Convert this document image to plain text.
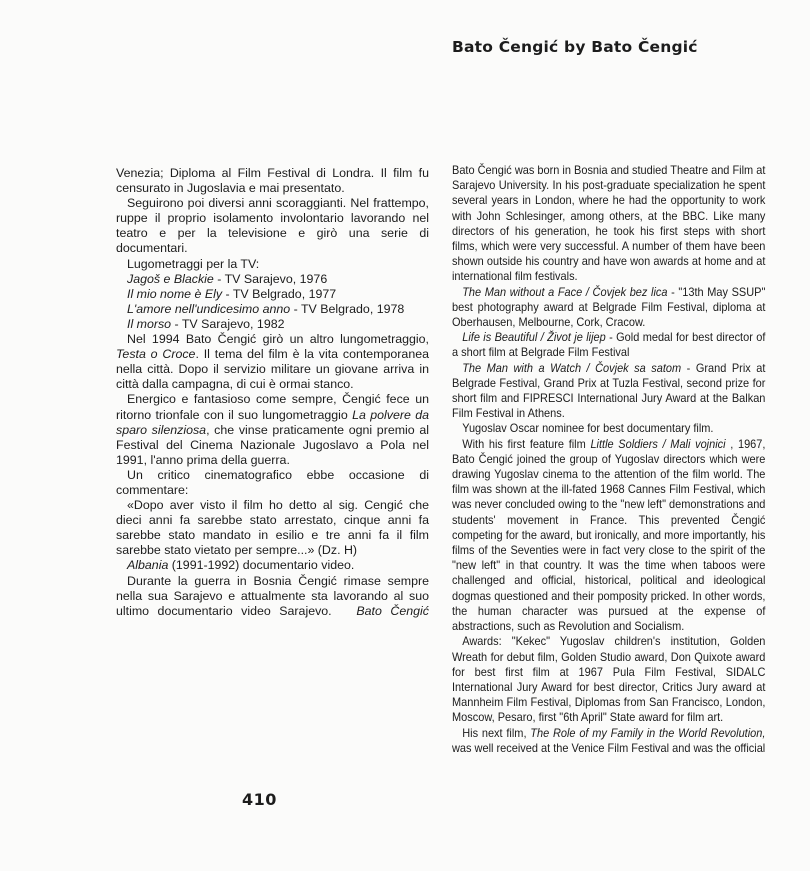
Bato Čengić by Bato Čengić

Venezia; Diploma al Film Festival di Londra. Il film fu censurato in Jugoslavia e mai presentato.

Seguirono poi diversi anni scoraggianti. Nel frattempo, ruppe il proprio isolamento involontario lavorando nel teatro e per la televisione e girò una serie di documentari.

Lugometraggi per la TV:

Jagoš e Blackie - TV Sarajevo, 1976

Il mio nome è Ely - TV Belgrado, 1977

L'amore nell'undicesimo anno - TV Belgrado, 1978

Il morso - TV Sarajevo, 1982

Nel 1994 Bato Čengić girò un altro lungometraggio, Testa o Croce. Il tema del film è la vita contemporanea nella città. Dopo il servizio militare un giovane arriva in città dalla campagna, di cui è ormai stanco.

Energico e fantasioso come sempre, Čengić fece un ritorno trionfale con il suo lungometraggio La polvere da sparo silenziosa, che vinse praticamente ogni premio al Festival del Cinema Nazionale Jugoslavo a Pola nel 1991, l'anno prima della guerra.

Un critico cinematografico ebbe occasione di commentare:

«Dopo aver visto il film ho detto al sig. Cengić che dieci anni fa sarebbe stato arrestato, cinque anni fa sarebbe stato mandato in esilio e tre anni fa il film sarebbe stato vietato per sempre...» (Dz. H)

Albania (1991-1992) documentario video.

Durante la guerra in Bosnia Čengić rimase sempre nella sua Sarajevo e attualmente sta lavorando al suo ultimo documentario video Sarajevo.   Bato Čengić

Bato Čengić was born in Bosnia and studied Theatre and Film at Sarajevo University. In his post-graduate specialization he spent several years in London, where he had the opportunity to work with John Schlesinger, among others, at the BBC. Like many directors of his generation, he took his first steps with short films, which were very successful. A number of them have been shown outside his country and have won awards at home and at international film festivals.

The Man without a Face / Čovjek bez lica - "13th May SSUP" best photography award at Belgrade Film Festival, diploma at Oberhausen, Melbourne, Cork, Cracow.

Life is Beautiful / Život je lijep - Gold medal for best director of a short film at Belgrade Film Festival

The Man with a Watch / Čovjek sa satom - Grand Prix at Belgrade Festival, Grand Prix at Tuzla Festival, second prize for short film and FIPRESCI International Jury Award at the Balkan Film Festival in Athens.

Yugoslav Oscar nominee for best documentary film.

With his first feature film Little Soldiers / Mali vojnici , 1967, Bato Čengić joined the group of Yugoslav directors which were drawing Yugoslav cinema to the attention of the film world. The film was shown at the ill-fated 1968 Cannes Film Festival, which was never concluded owing to the "new left" demonstrations and students' movement in France. This prevented Čengić competing for the award, but ironically, and more importantly, his films of the Seventies were in fact very close to the spirit of the "new left" in that country. It was the time when taboos were challenged and official, historical, political and ideological dogmas questioned and their pomposity pricked. In other words, the human character was pursued at the expense of abstractions, such as Revolution and Socialism.

Awards: "Kekec" Yugoslav children's institution, Golden Wreath for debut film, Golden Studio award, Don Quixote award for best first film at 1967 Pula Film Festival, SIDALC International Jury Award for best director, Critics Jury award at Mannheim Film Festival, Diplomas from San Francisco, London, Moscow, Pesaro, first "6th April" State award for film art.

His next film, The Role of my Family in the World Revolution, was well received at the Venice Film Festival and was the official

410
